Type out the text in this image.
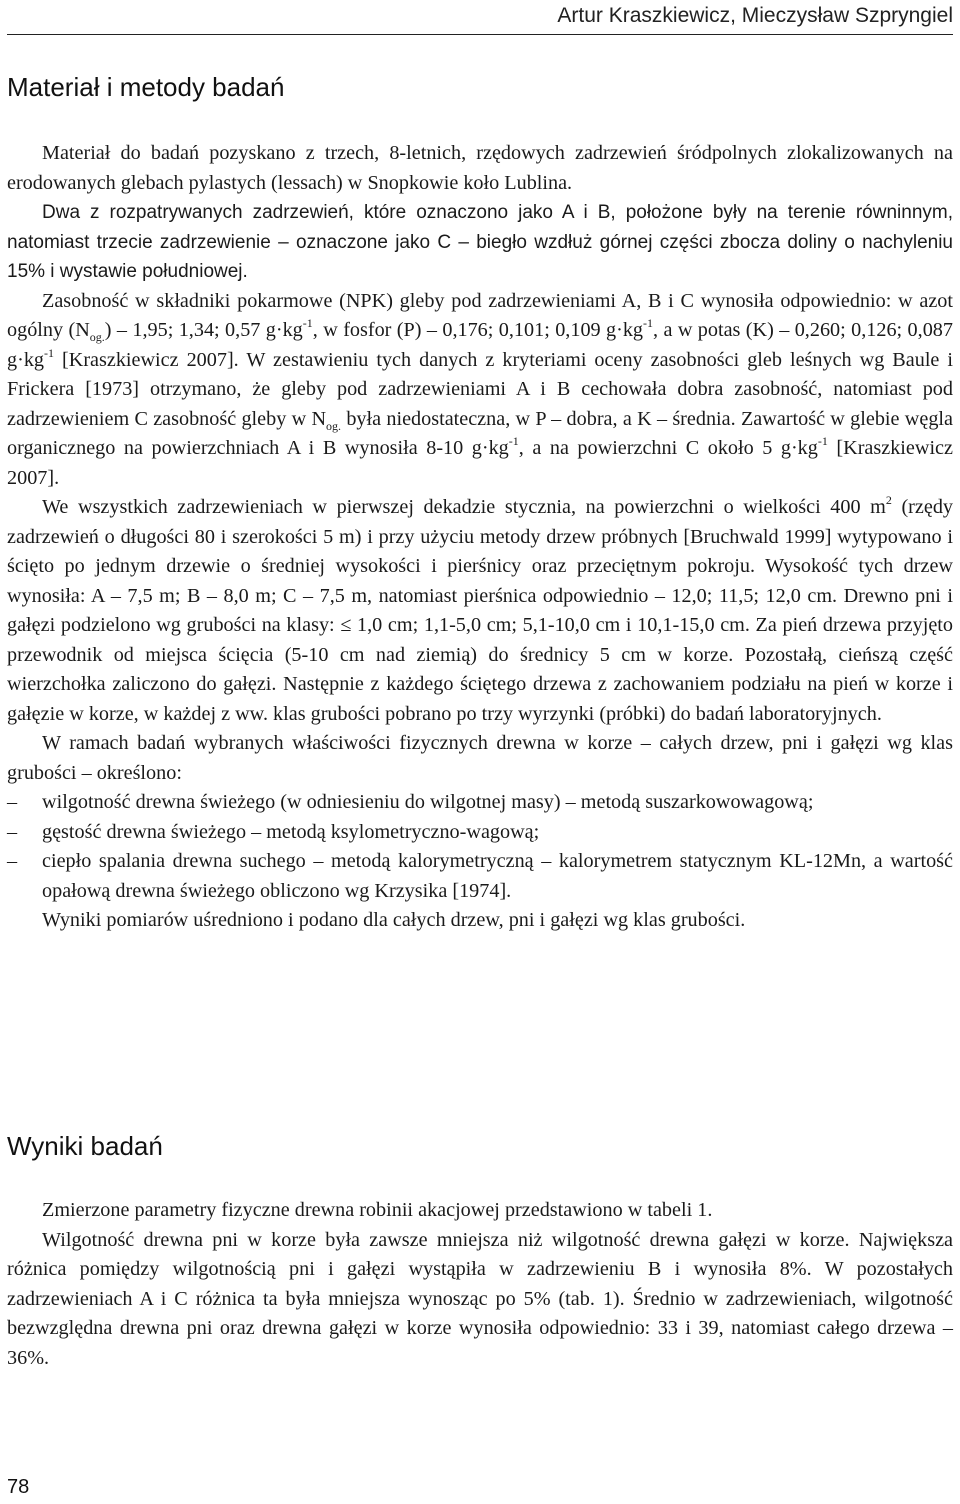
Artur Kraszkiewicz, Mieczysław Szpryngiel
Materiał i metody badań

Materiał do badań pozyskano z trzech, 8-letnich, rzędowych zadrzewień śródpolnych zlokalizowanych na erodowanych glebach pylastych (lessach) w Snopkowie koło Lublina.

Dwa z rozpatrywanych zadrzewień, które oznaczono jako A i B, położone były na terenie równinnym, natomiast trzecie zadrzewienie – oznaczone jako C – biegło wzdłuż górnej części zbocza doliny o nachyleniu 15% i wystawie południowej.

Zasobność w składniki pokarmowe (NPK) gleby pod zadrzewieniami A, B i C wynosiła odpowiednio: w azot ogólny $(N_{og.}) - 1,95$; 1,34; 0,57 $g\cdot kg^{-1}$, w fosfor (P) – 0,176; 0,101; 0,109 $g\cdot kg^{-1}$, a w potas (K) – 0,260; 0,126; 0,087 $g\cdot kg^{-1}$ [Kraszkiewicz 2007]. W zestawieniu tych danych z kryteriami oceny zasobności gleb leśnych wg Baule i Frickera [1973] otrzymano, że gleby pod zadrzewieniami A i B cechowała dobra zasobność, natomiast pod zadrzewieniem C zasobność gleby w $N_{og.}$ była niedostateczna, w P – dobra, a K – średnia. Zawartość w glebie węgla organicznego na powierzchniach A i B wynosiła 8-10 $g\cdot kg^{-1}$, a na powierzchni C około 5 $g\cdot kg^{-1}$ [Kraszkiewicz 2007].

We wszystkich zadrzewieniach w pierwszej dekadzie stycznia, na powierzchni o wielkości 400 $m^2$ (rzędy zadrzewień o długości 80 i szerokości 5 m) i przy użyciu metody drzew próbnych [Bruchwald 1999] wytypowano i ścięto po jednym drzewie o średniej wysokości i pierśnicy oraz przeciętnym pokroju. Wysokość tych drzew wynosiła: A – 7,5 m; B – 8,0 m; C – 7,5 m, natomiast pierśnica odpowiednio – 12,0; 11,5; 12,0 cm. Drewno pni i gałęzi podzielono wg grubości na klasy: ≤ 1,0 cm; 1,1-5,0 cm; 5,1-10,0 cm i 10,1-15,0 cm. Za pień drzewa przyjęto przewodnik od miejsca ścięcia (5-10 cm nad ziemią) do średnicy 5 cm w korze. Pozostałą, cieńszą część wierzchołka zaliczono do gałęzi. Następnie z każdego ściętego drzewa z zachowaniem podziału na pień w korze i gałęzie w korze, w każdej z ww. klas grubości pobrano po trzy wyrzynki (próbki) do badań laboratoryjnych.

W ramach badań wybranych właściwości fizycznych drewna w korze – całych drzew, pni i gałęzi wg klas grubości – określono:

– wilgotność drewna świeżego (w odniesieniu do wilgotnej masy) – metodą suszarkowowagową;
– gęstość drewna świeżego – metodą ksylometryczno-wagową;
– ciepło spalania drewna suchego – metodą kalorymetryczną – kalorymetrem statycznym KL-12Mn, a wartość opałową drewna świeżego obliczono wg Krzysika [1974].

Wyniki pomiarów uśredniono i podano dla całych drzew, pni i gałęzi wg klas grubości.

Wyniki badań

Zmierzone parametry fizyczne drewna robinii akacjowej przedstawiono w tabeli 1.

Wilgotność drewna pni w korze była zawsze mniejsza niż wilgotność drewna gałęzi w korze. Największa różnica pomiędzy wilgotnością pni i gałęzi wystąpiła w zadrzewieniu B i wynosiła 8%. W pozostałych zadrzewieniach A i C różnica ta była mniejsza wynosząc po 5% (tab. 1). Średnio w zadrzewieniach, wilgotność bezwzględna drewna pni oraz drewna gałęzi w korze wynosiła odpowiednio: 33 i 39, natomiast całego drzewa – 36%.

78
